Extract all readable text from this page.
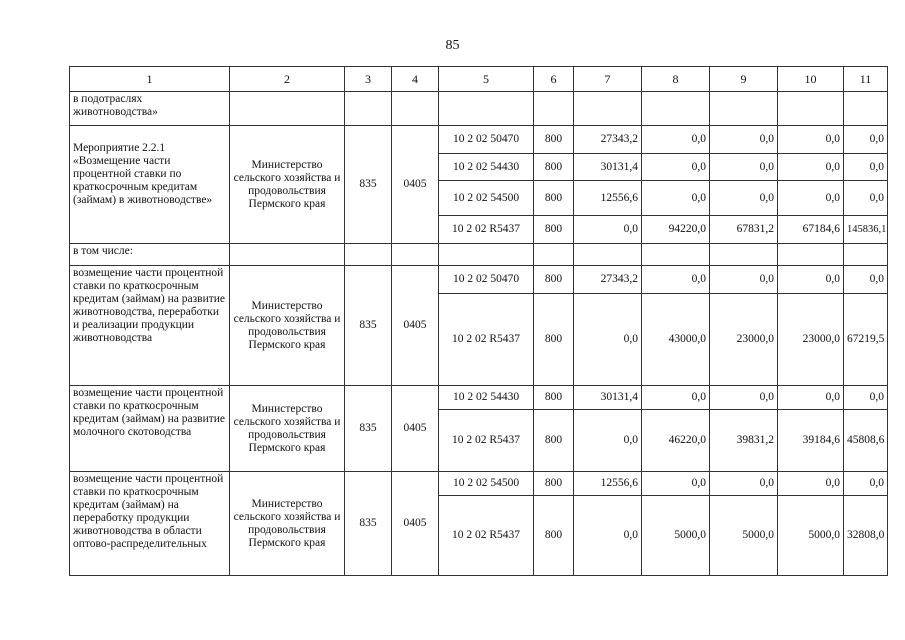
85
1	2	3	4	5	6	7	8	9	10	11
в подотраслях животноводства»										
Мероприятие 2.2.1 «Возмещение части процентной ставки по краткосрочным кредитам (займам) в животноводстве»	Министерство сельского хозяйства и продовольствия Пермского края	835	0405	10 2 02 50470	800	27343,2	0,0	0,0	0,0	0,0
				10 2 02 54430	800	30131,4	0,0	0,0	0,0	0,0
				10 2 02 54500	800	12556,6	0,0	0,0	0,0	0,0
				10 2 02 R5437	800	0,0	94220,0	67831,2	67184,6	145836,1
в том числе:										
возмещение части процентной ставки по краткосрочным кредитам (займам) на развитие животноводства, переработки и реализации продукции животноводства	Министерство сельского хозяйства и продовольствия Пермского края	835	0405	10 2 02 50470	800	27343,2	0,0	0,0	0,0	0,0
				10 2 02 R5437	800	0,0	43000,0	23000,0	23000,0	67219,5
возмещение части процентной ставки по краткосрочным кредитам (займам) на развитие молочного скотоводства	Министерство сельского хозяйства и продовольствия Пермского края	835	0405	10 2 02 54430	800	30131,4	0,0	0,0	0,0	0,0
				10 2 02 R5437	800	0,0	46220,0	39831,2	39184,6	45808,6
возмещение части процентной ставки по краткосрочным кредитам (займам) на переработку продукции животноводства в области оптово-распределительных	Министерство сельского хозяйства и продовольствия Пермского края	835	0405	10 2 02 54500	800	12556,6	0,0	0,0	0,0	0,0
				10 2 02 R5437	800	0,0	5000,0	5000,0	5000,0	32808,0
